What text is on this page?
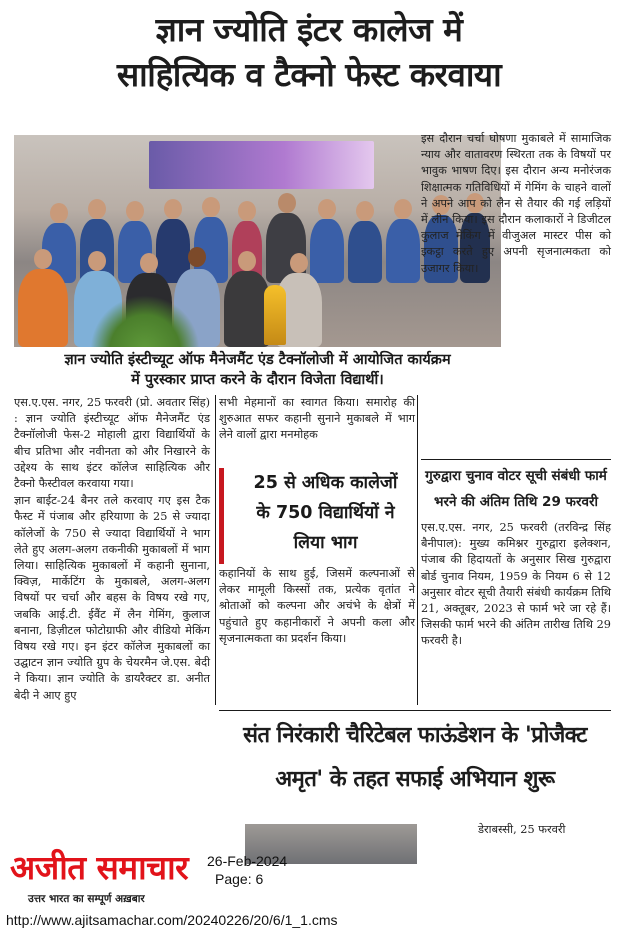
ज्ञान ज्योति इंटर कालेज में
साहित्यिक व टैक्नो फेस्ट करवाया
ज्ञान ज्योति इंस्टीच्यूट ऑफ मैनेजमैंट एंड टैक्नॉलोजी में आयोजित कार्यक्रम
में पुरस्कार प्राप्त करने के दौरान विजेता विद्यार्थी।
इस दौरान चर्चा घोषणा मुकाबले में सामाजिक न्याय और वातावरण स्थिरता तक के विषयों पर भावुक भाषण दिए। इस दौरान अन्य मनोरंजक शिक्षात्मक गतिविधियों में गेमिंग के चाहने वालों ने अपने आप को लैन से तैयार की गई लड़ियों में लीन किया। इस दौरान कलाकारों ने डिजीटल कुलाज मेकिंग में वीजुअल मास्टर पीस को इकट्ठा करते हुए अपनी सृजनात्मकता को उजागर किया।

एस.ए.एस. नगर, 25 फरवरी (प्रो. अवतार सिंह) : ज्ञान ज्योति इंस्टीच्यूट ऑफ मैनेजमैंट एंड टैक्नॉलोजी फेस-2 मोहाली द्वारा विद्यार्थियों के बीच प्रतिभा और नवीनता को और निखारने के उद्देश्य के साथ इंटर कॉलेज साहित्यिक और टैक्नो फैस्टीवल करवाया गया।

ज्ञान बाईट-24 बैनर तले करवाए गए इस टैक फैस्ट में पंजाब और हरियाणा के 25 से ज्यादा कॉलेजों के 750 से ज्यादा विद्यार्थियों ने भाग लेते हुए अलग-अलग तकनीकी मुकाबलों में भाग लिया। साहित्यिक मुकाबलों में कहानी सुनाना, क्विज़, मार्केटिंग के मुकाबले, अलग-अलग विषयों पर चर्चा और बहस के विषय रखे गए, जबकि आई.टी. ईवैंट में लैन गेमिंग, कुलाज बनाना, डिज़ीटल फोटोग्राफी और वीडियो मेकिंग विषय रखे गए। इन इंटर कॉलेज मुकाबलों का उद्घाटन ज्ञान ज्योति ग्रुप के चेयरमैन जे.एस. बेदी ने किया। ज्ञान ज्योति के डायरैक्टर डा. अनीत बेदी ने आए हुए

सभी मेहमानों का स्वागत किया। समारोह की शुरुआत सफर कहानी सुनाने मुकाबले में भाग लेने वालों द्वारा मनमोहक
25 से अधिक कालेजों
के 750 विद्यार्थियों ने
लिया भाग
कहानियों के साथ हुई, जिसमें कल्पनाओं से लेकर मामूली किस्सों तक, प्रत्येक वृतांत ने श्रोताओं को कल्पना और अचंभे के क्षेत्रों में पहुंचाते हुए कहानीकारों ने अपनी कला और सृजनात्मकता का प्रदर्शन किया।
गुरुद्वारा चुनाव वोटर सूची संबंधी फार्म
भरने की अंतिम तिथि 29 फरवरी
एस.ए.एस. नगर, 25 फरवरी (तरविन्द्र सिंह बैनीपाल): मुख्य कमिश्नर गुरुद्वारा इलेक्शन, पंजाब की हिदायतों के अनुसार सिख गुरुद्वारा बोर्ड चुनाव नियम, 1959 के नियम 6 से 12 अनुसार वोटर सूची तैयारी संबंधी कार्यक्रम तिथि 21, अक्तूबर, 2023 से फार्म भरे जा रहे हैं। जिसकी फार्म भरने की अंतिम तारीख तिथि 29 फरवरी है।
संत निरंकारी चैरिटेबल फाऊंडेशन के 'प्रोजैक्ट
अमृत' के तहत सफाई अभियान शुरू
डेराबस्सी, 25 फरवरी
अजीत समाचार
उत्तर भारत का सम्पूर्ण अख़बार
26-Feb-2024
Page: 6
http://www.ajitsamachar.com/20240226/20/6/1_1.cms
